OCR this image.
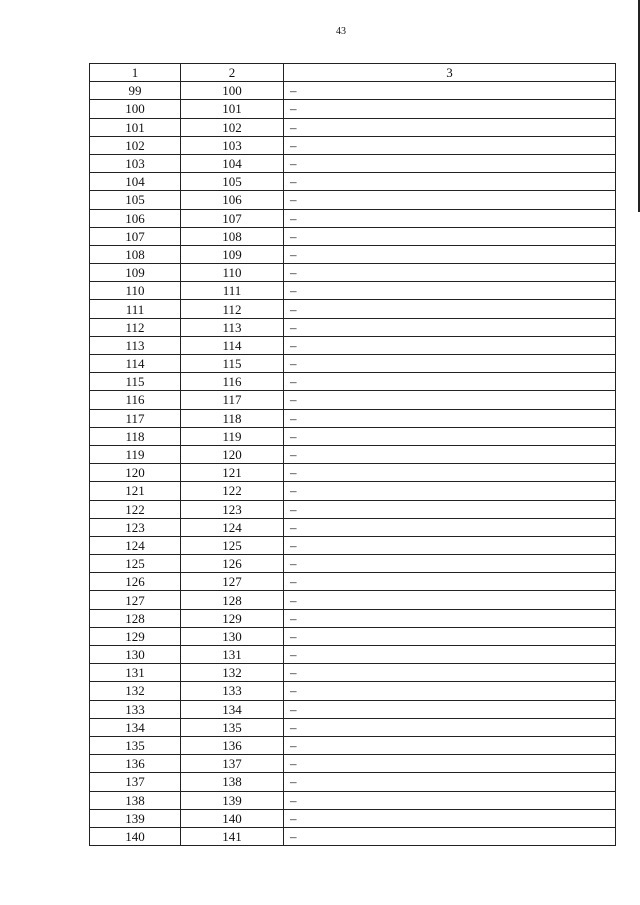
43
1	2	3
99	100	–
100	101	–
101	102	–
102	103	–
103	104	–
104	105	–
105	106	–
106	107	–
107	108	–
108	109	–
109	110	–
110	111	–
111	112	–
112	113	–
113	114	–
114	115	–
115	116	–
116	117	–
117	118	–
118	119	–
119	120	–
120	121	–
121	122	–
122	123	–
123	124	–
124	125	–
125	126	–
126	127	–
127	128	–
128	129	–
129	130	–
130	131	–
131	132	–
132	133	–
133	134	–
134	135	–
135	136	–
136	137	–
137	138	–
138	139	–
139	140	–
140	141	–
